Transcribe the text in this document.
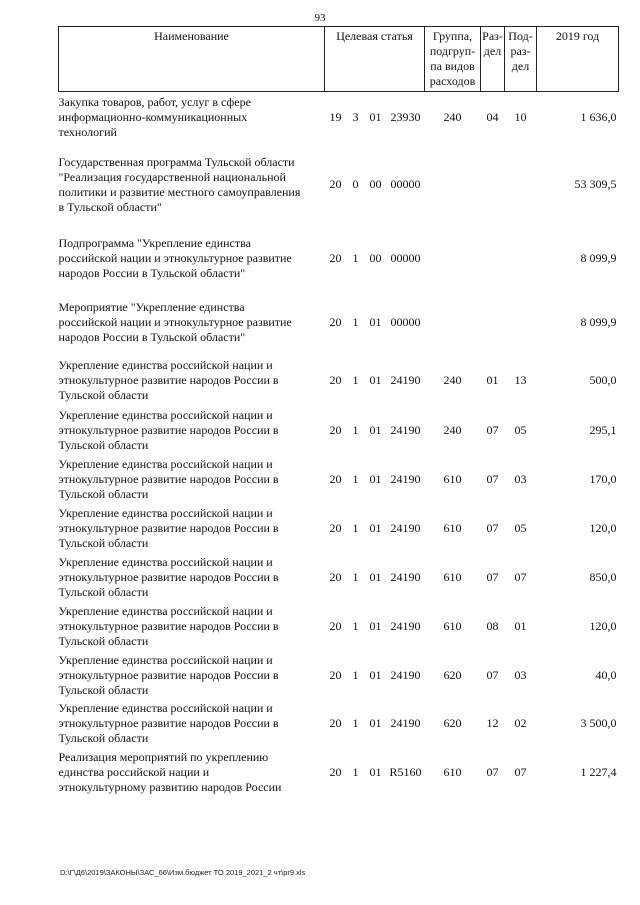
93
Наименование	Целевая статья				Группа,
подгруп-
па видов
расходов	Раз-
дел	Под-
раз-
дел	2019 год

Закупка товаров, работ, услуг в сфере
информационно-коммуникационных
технологий	19	3	01	23930	240	04	10	1 636,0

Государственная программа Тульской области
"Реализация государственной национальной
политики и развитие местного самоуправления
в Тульской области"	20	0	00	00000				53 309,5

Подпрограмма "Укрепление единства
российской нации и этнокультурное развитие
народов России в Тульской области"	20	1	00	00000				8 099,9

Мероприятие "Укрепление единства
российской нации и этнокультурное развитие
народов России в Тульской области"	20	1	01	00000				8 099,9

Укрепление единства российской нации и
этнокультурное развитие народов России в
Тульской области	20	1	01	24190	240	01	13	500,0

Укрепление единства российской нации и
этнокультурное развитие народов России в
Тульской области	20	1	01	24190	240	07	05	295,1

Укрепление единства российской нации и
этнокультурное развитие народов России в
Тульской области	20	1	01	24190	610	07	03	170,0

Укрепление единства российской нации и
этнокультурное развитие народов России в
Тульской области	20	1	01	24190	610	07	05	120,0

Укрепление единства российской нации и
этнокультурное развитие народов России в
Тульской области	20	1	01	24190	610	07	07	850,0

Укрепление единства российской нации и
этнокультурное развитие народов России в
Тульской области	20	1	01	24190	610	08	01	120,0

Укрепление единства российской нации и
этнокультурное развитие народов России в
Тульской области	20	1	01	24190	620	07	03	40,0

Укрепление единства российской нации и
этнокультурное развитие народов России в
Тульской области	20	1	01	24190	620	12	02	3 500,0

Реализация мероприятий по укреплению
единства российской нации и
этнокультурному развитию народов России	20	1	01	R5160	610	07	07	1 227,4
D:\Г\Д6\2019\ЗАКОНЫ\ЗАС_66\Изм.бюджет ТО 2019_2021_2 чт\pr9.xls
